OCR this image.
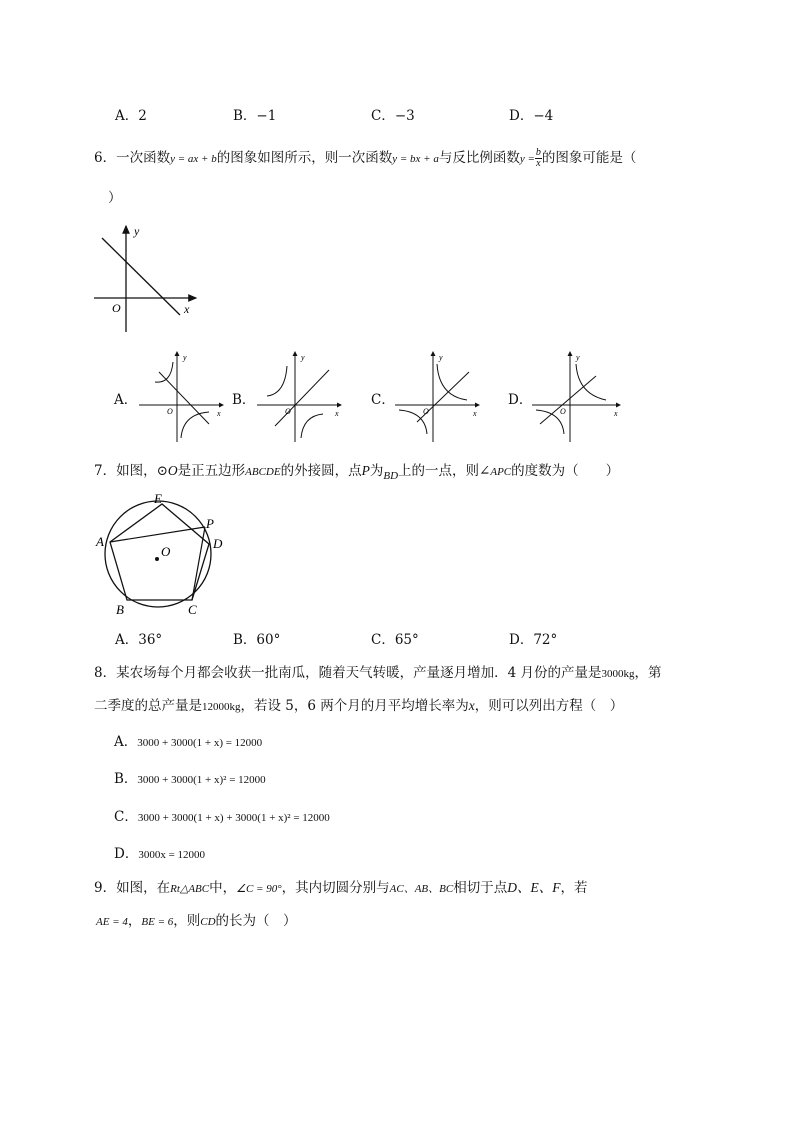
A．2	B．−1	C．−3	D．−4
6．一次函数y = ax + b的图象如图所示，则一次函数y = bx + a与反比例函数$y = \frac{b}{x}$ 的图象可能是（
）
y
x
O
A．	B．	C．	D．
y
x
O
y
x
O
y
x
O
y
x
O
7．如图，⊙O是正五边形ABCDE的外接圆，点P为$_{BD}$上的一点，则∠APC的度数为（　　）
E
A
P
D
C
B
O
A．36°	B．60°	C．65°	D．72°
8．某农场每个月都会收获一批南瓜，随着天气转暖，产量逐月增加．4 月份的产量是3000kg，第
二季度的总产量是12000kg，若设 5，6 两个月的月平均增长率为x，则可以列出方程（　）
A．3000 + 3000(1 + x) = 12000
B．3000 + 3000(1 + x)² = 12000
C．3000 + 3000(1 + x) + 3000(1 + x)² = 12000
D．3000x = 12000
9．如图，在Rt△ABC中，∠C = 90°，其内切圆分别与AC、AB、BC相切于点D、E、F，若
AE = 4，BE = 6，则CD的长为（　）
